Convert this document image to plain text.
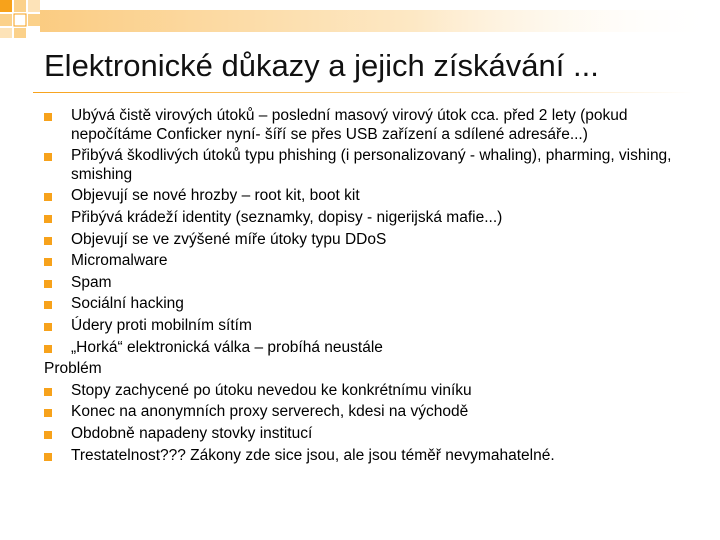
Elektronické důkazy a jejich získávání ...
Ubývá čistě virových útoků – poslední masový virový útok cca. před 2 lety (pokud nepočítáme Conficker nyní- šíří se přes USB zařízení a sdílené adresáře...)
Přibývá škodlivých útoků typu phishing (i personalizovaný - whaling), pharming, vishing, smishing
Objevují se nové hrozby – root kit, boot kit
Přibývá krádeží identity (seznamky, dopisy - nigerijská mafie...)
Objevují se ve zvýšené míře útoky typu DDoS
Micromalware
Spam
Sociální hacking
Údery proti mobilním sítím
„Horká“ elektronická válka – probíhá neustále
Problém
Stopy zachycené po útoku nevedou ke konkrétnímu viníku
Konec na anonymních proxy serverech, kdesi na východě
Obdobně napadeny stovky institucí
Trestatelnost??? Zákony zde sice jsou, ale jsou téměř nevymahatelné.
